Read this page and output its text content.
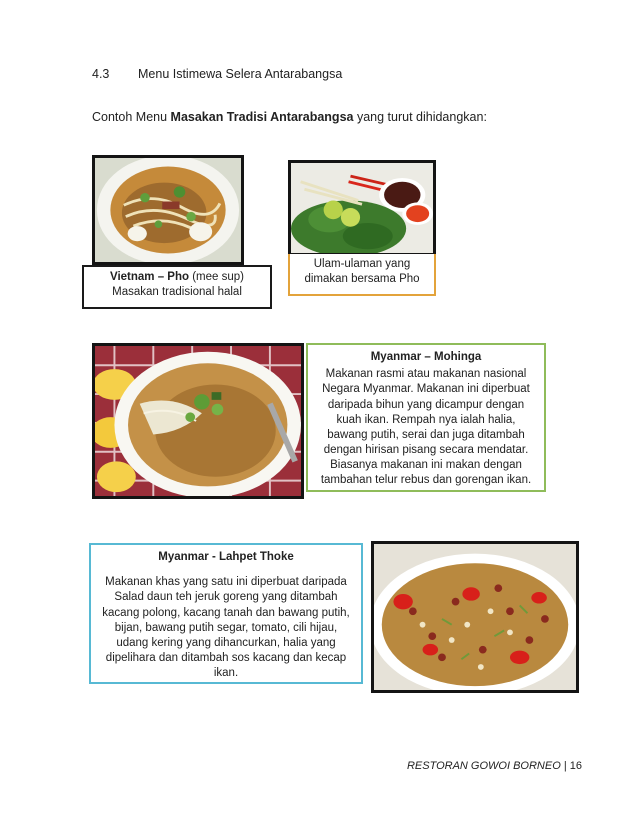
4.3 Menu Istimewa Selera Antarabangsa
Contoh Menu Masakan Tradisi Antarabangsa yang turut dihidangkan:
Vietnam – Pho (mee sup)
Masakan tradisional halal
Ulam-ulaman yang dimakan bersama Pho
Myanmar – Mohinga
Makanan rasmi atau makanan nasional Negara Myanmar. Makanan ini diperbuat daripada bihun yang dicampur dengan kuah ikan. Rempah nya ialah halia, bawang putih, serai dan juga ditambah dengan hirisan pisang secara mendatar. Biasanya makanan ini makan dengan tambahan telur rebus dan gorengan ikan.
Myanmar - Lahpet Thoke
Makanan khas yang satu ini diperbuat daripada Salad daun teh jeruk goreng yang ditambah kacang polong, kacang tanah dan bawang putih, bijan, bawang putih segar, tomato, cili hijau, udang kering yang dihancurkan, halia yang dipelihara dan ditambah sos kacang dan kecap ikan.
RESTORAN GOWOI BORNEO | 16
